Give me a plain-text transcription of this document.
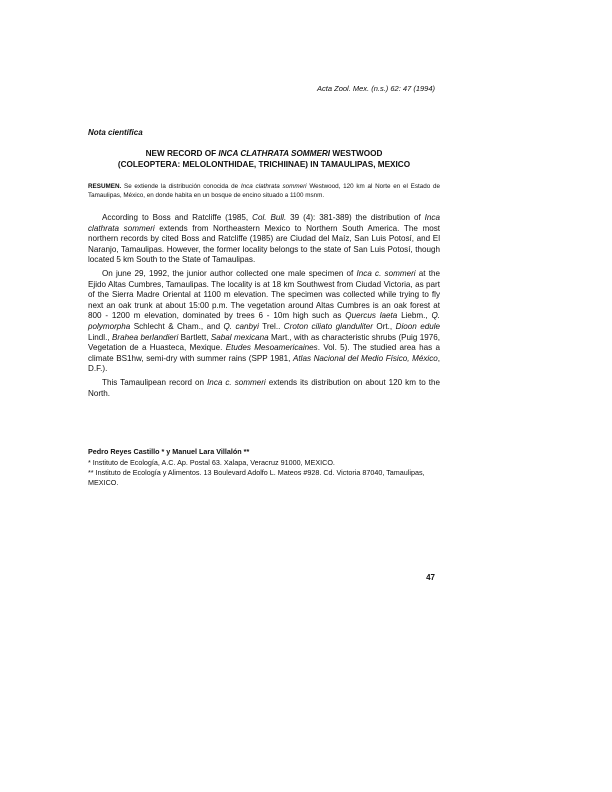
Acta Zool. Mex. (n.s.) 62: 47 (1994)
Nota científica
NEW RECORD OF INCA CLATHRATA SOMMERI WESTWOOD
(COLEOPTERA: MELOLONTHIDAE, TRICHIINAE) IN TAMAULIPAS, MEXICO
RESUMEN. Se extiende la distribución conocida de Inca clathrata sommeri Westwood, 120 km al Norte en el Estado de Tamaulipas, México, en donde habita en un bosque de encino situado a 1100 msnm.

According to Boss and Ratcliffe (1985, Col. Bull. 39 (4): 381-389) the distribution of Inca clathrata sommeri extends from Northeastern Mexico to Northern South America. The most northern records by cited Boss and Ratcliffe (1985) are Ciudad del Maíz, San Luis Potosí, and El Naranjo, Tamaulipas. However, the former locality belongs to the state of San Luis Potosí, though located 5 km South to the State of Tamaulipas.

On june 29, 1992, the junior author collected one male specimen of Inca c. sommeri at the Ejido Altas Cumbres, Tamaulipas. The locality is at 18 km Southwest from Ciudad Victoria, as part of the Sierra Madre Oriental at 1100 m elevation. The specimen was collected while trying to fly next an oak trunk at about 15:00 p.m. The vegetation around Altas Cumbres is an oak forest at 800 - 1200 m elevation, dominated by trees 6 - 10m high such as Quercus laeta Liebm., Q. polymorpha Schlecht & Cham., and Q. canbyi Trel.. Croton ciliato glanduliter Ort., Dioon edule Lindl., Brahea berlandieri Bartlett, Sabal mexicana Mart., with as characteristic shrubs (Puig 1976, Vegetation de a Huasteca, Mexique. Etudes Mesoamericaines. Vol. 5). The studied area has a climate BS1hw, semi-dry with summer rains (SPP 1981, Atlas Nacional del Medio Físico, México, D.F.).

This Tamaulipean record on Inca c. sommeri extends its distribution on about 120 km to the North.

Pedro Reyes Castillo * y Manuel Lara Villalón **
* Instituto de Ecología, A.C. Ap. Postal 63. Xalapa, Veracruz 91000, MEXICO.
** Instituto de Ecología y Alimentos. 13 Boulevard Adolfo L. Mateos #928. Cd. Victoria 87040, Tamaulipas, MEXICO.
47
